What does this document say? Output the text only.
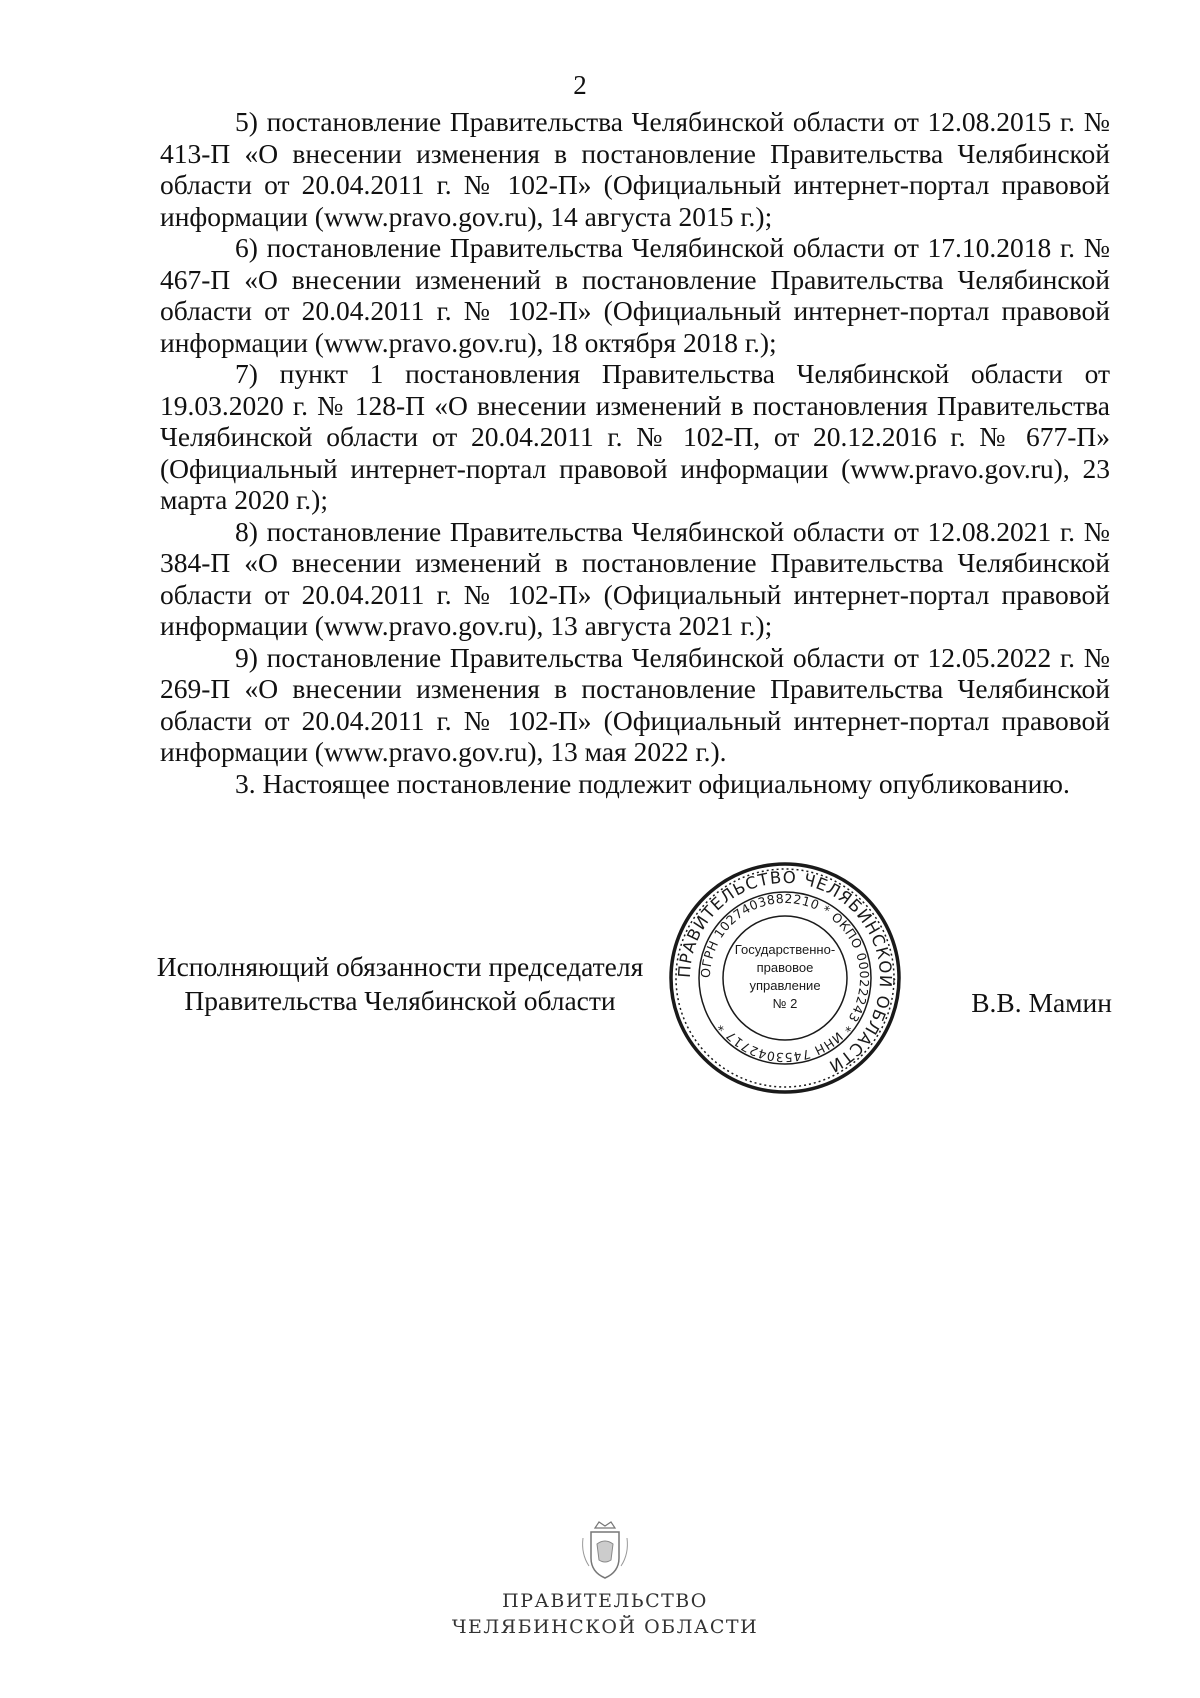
2

5) постановление Правительства Челябинской области от 12.08.2015 г. № 413-П «О внесении изменения в постановление Правительства Челябинской области от 20.04.2011 г. № 102-П» (Официальный интернет-портал правовой информации (www.pravo.gov.ru), 14 августа 2015 г.);

6) постановление Правительства Челябинской области от 17.10.2018 г. № 467-П «О внесении изменений в постановление Правительства Челябинской области от 20.04.2011 г. № 102-П» (Официальный интернет-портал правовой информации (www.pravo.gov.ru), 18 октября 2018 г.);

7) пункт 1 постановления Правительства Челябинской области от 19.03.2020 г. № 128-П «О внесении изменений в постановления Правительства Челябинской области от 20.04.2011 г. № 102-П, от 20.12.2016 г. № 677-П» (Официальный интернет-портал правовой информации (www.pravo.gov.ru), 23 марта 2020 г.);

8) постановление Правительства Челябинской области от 12.08.2021 г. № 384-П «О внесении изменений в постановление Правительства Челябинской области от 20.04.2011 г. № 102-П» (Официальный интернет-портал правовой информации (www.pravo.gov.ru), 13 августа 2021 г.);

9) постановление Правительства Челябинской области от 12.05.2022 г. № 269-П «О внесении изменения в постановление Правительства Челябинской области от 20.04.2011 г. № 102-П» (Официальный интернет-портал правовой информации (www.pravo.gov.ru), 13 мая 2022 г.).

3. Настоящее постановление подлежит официальному опубликованию.

Исполняющий обязанности председателя
Правительства Челябинской области	В.В. Мамин
ПРАВИТЕЛЬСТВО ЧЕЛЯБИНСКОЙ ОБЛАСТИ
ОГРН 1027403882210 * ОКПО 00022243 * ИНН 7453042717 *
Государственно-
правовое
управление
№ 2
ПРАВИТЕЛЬСТВО
ЧЕЛЯБИНСКОЙ ОБЛАСТИ
